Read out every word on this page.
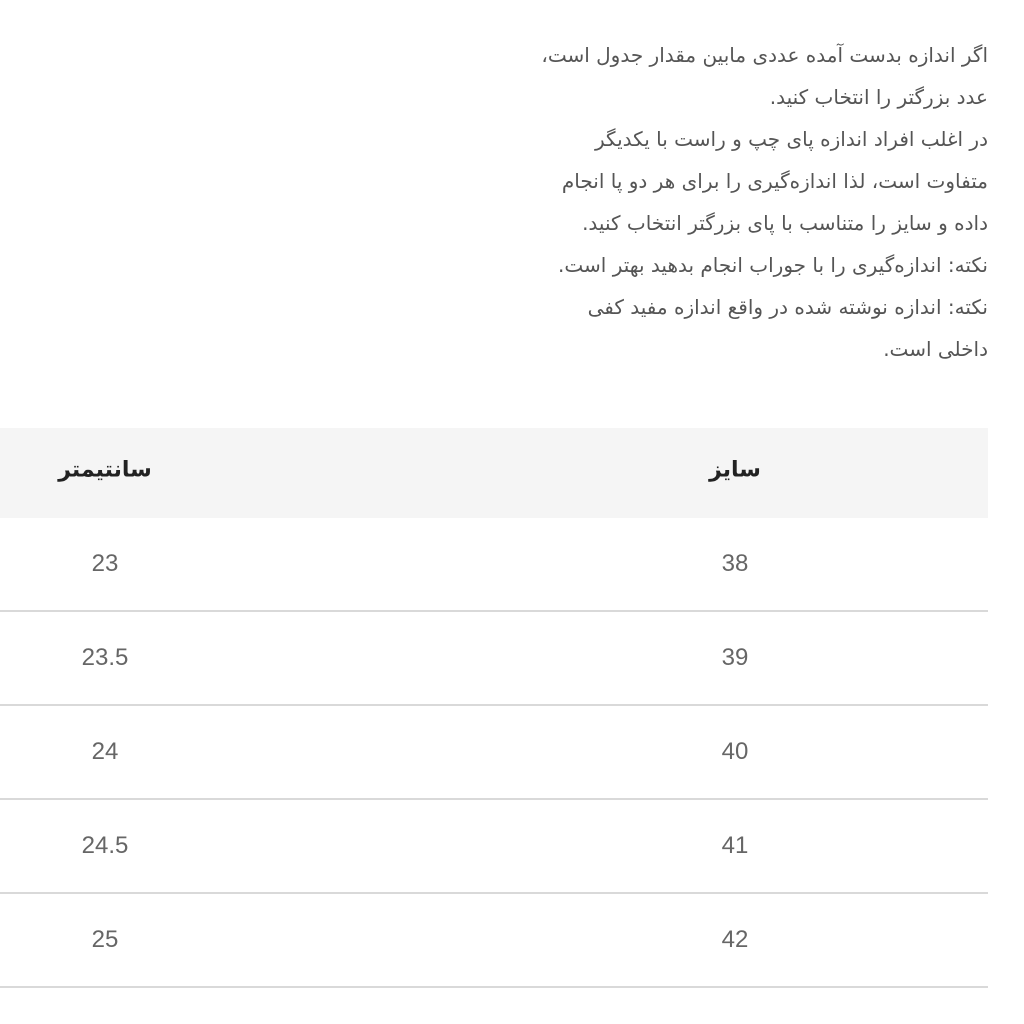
اگر اندازه بدست آمده عددی مابین مقدار جدول است،
عدد بزرگتر را انتخاب کنید.
در اغلب افراد اندازه پای چپ و راست با یکدیگر
متفاوت است، لذا اندازه‌گیری را برای هر دو پا انجام
داده و سایز را متناسب با پای بزرگتر انتخاب کنید.
نکته: اندازه‌گیری را با جوراب انجام بدهید بهتر است.
نکته: اندازه نوشته شده در واقع اندازه مفید کفی
داخلی است.
سانتیمتر	سایز
23	38
23.5	39
24	40
24.5	41
25	42
